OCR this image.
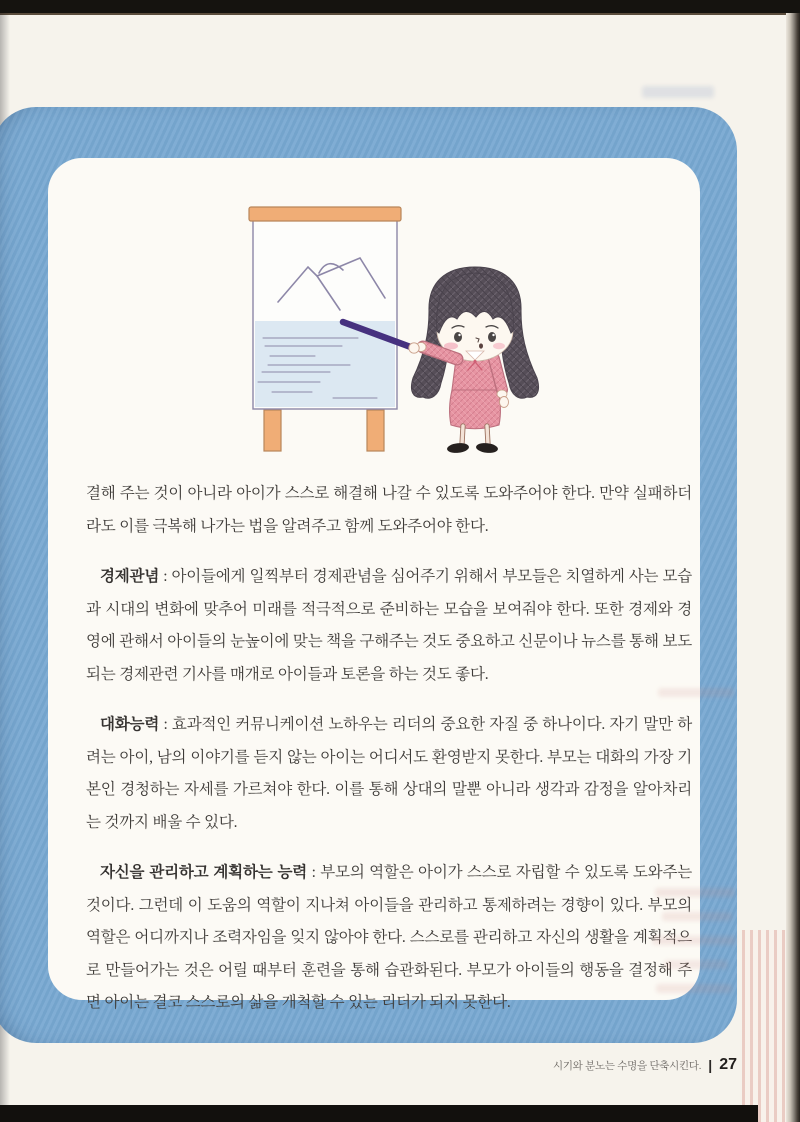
결해 주는 것이 아니라 아이가 스스로 해결해 나갈 수 있도록 도와주어야 한다. 만약 실패하더라도 이를 극복해 나가는 법을 알려주고 함께 도와주어야 한다.

경제관념 : 아이들에게 일찍부터 경제관념을 심어주기 위해서 부모들은 치열하게 사는 모습과 시대의 변화에 맞추어 미래를 적극적으로 준비하는 모습을 보여줘야 한다. 또한 경제와 경영에 관해서 아이들의 눈높이에 맞는 책을 구해주는 것도 중요하고 신문이나 뉴스를 통해 보도되는 경제관련 기사를 매개로 아이들과 토론을 하는 것도 좋다.

대화능력 : 효과적인 커뮤니케이션 노하우는 리더의 중요한 자질 중 하나이다. 자기 말만 하려는 아이, 남의 이야기를 듣지 않는 아이는 어디서도 환영받지 못한다. 부모는 대화의 가장 기본인 경청하는 자세를 가르쳐야 한다. 이를 통해 상대의 말뿐 아니라 생각과 감정을 알아차리는 것까지 배울 수 있다.

자신을 관리하고 계획하는 능력 : 부모의 역할은 아이가 스스로 자립할 수 있도록 도와주는 것이다. 그런데 이 도움의 역할이 지나쳐 아이들을 관리하고 통제하려는 경향이 있다. 부모의 역할은 어디까지나 조력자임을 잊지 않아야 한다. 스스로를 관리하고 자신의 생활을 계획적으로 만들어가는 것은 어릴 때부터 훈련을 통해 습관화된다. 부모가 아이들의 행동을 결정해 주면 아이는 결코 스스로의 삶을 개척할 수 있는 리더가 되지 못한다.

시기와 분노는 수명을 단축시킨다. | 27
